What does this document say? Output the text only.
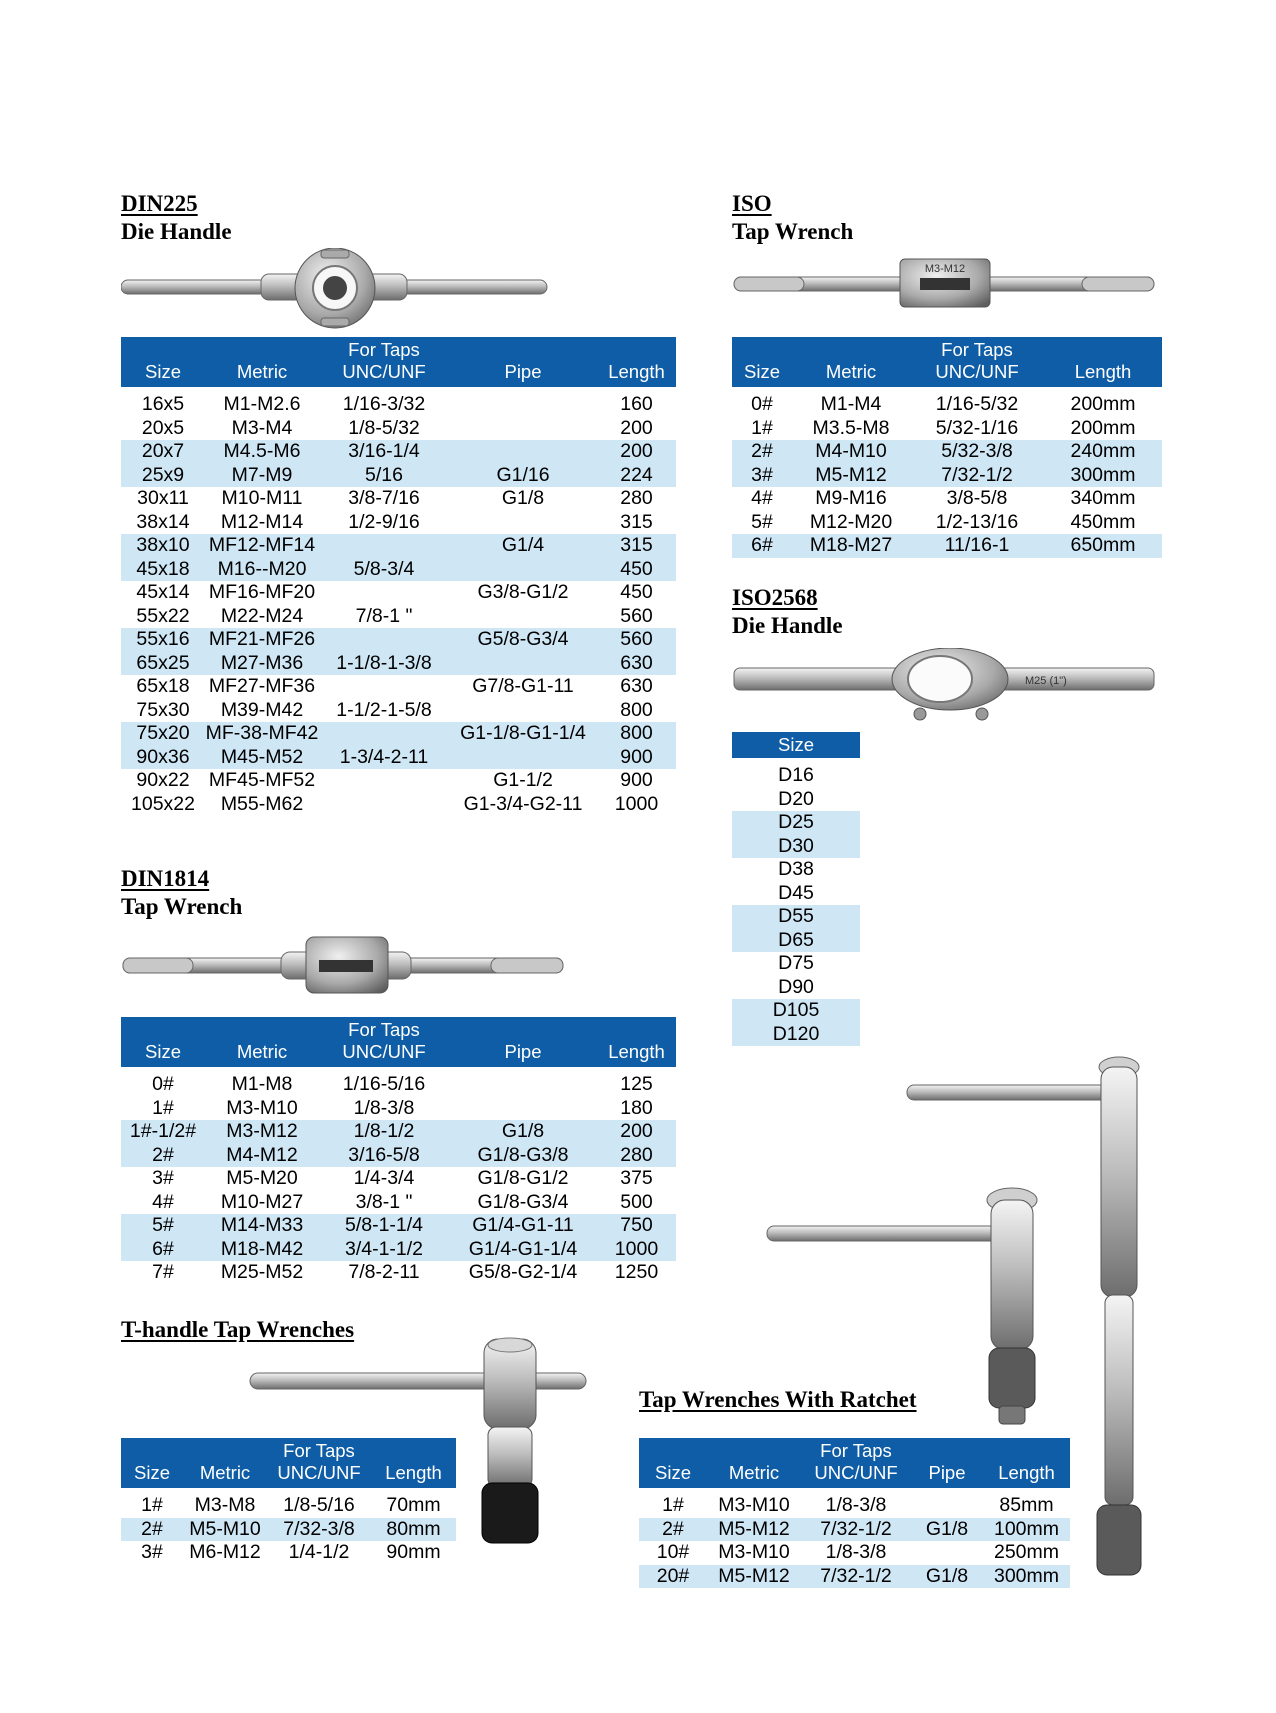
DIN225
Die Handle
		For Taps		
Size	Metric	UNC/UNF	Pipe	Length

16x5	M1-M2.6	1/16-3/32		160
20x5	M3-M4	1/8-5/32		200
20x7	M4.5-M6	3/16-1/4		200
25x9	M7-M9	5/16	G1/16	224
30x11	M10-M11	3/8-7/16	G1/8	280
38x14	M12-M14	1/2-9/16		315
38x10	MF12-MF14		G1/4	315
45x18	M16--M20	5/8-3/4		450
45x14	MF16-MF20		G3/8-G1/2	450
55x22	M22-M24	7/8-1 "		560
55x16	MF21-MF26		G5/8-G3/4	560
65x25	M27-M36	1-1/8-1-3/8		630
65x18	MF27-MF36		G7/8-G1-11	630
75x30	M39-M42	1-1/2-1-5/8		800
75x20	MF-38-MF42		G1-1/8-G1-1/4	800
90x36	M45-M52	1-3/4-2-11		900
90x22	MF45-MF52		G1-1/2	900
105x22	M55-M62		G1-3/4-G2-11	1000
ISO
Tap Wrench
M3-M12
		For Taps	
Size	Metric	UNC/UNF	Length

0#	M1-M4	1/16-5/32	200mm
1#	M3.5-M8	5/32-1/16	200mm
2#	M4-M10	5/32-3/8	240mm
3#	M5-M12	7/32-1/2	300mm
4#	M9-M16	3/8-5/8	340mm
5#	M12-M20	1/2-13/16	450mm
6#	M18-M27	11/16-1	650mm
ISO2568
Die Handle
M25 (1")
Size

D16
D20
D25
D30
D38
D45
D55
D65
D75
D90
D105
D120
DIN1814
Tap Wrench
		For Taps		
Size	Metric	UNC/UNF	Pipe	Length

0#	M1-M8	1/16-5/16		125
1#	M3-M10	1/8-3/8		180
1#-1/2#	M3-M12	1/8-1/2	G1/8	200
2#	M4-M12	3/16-5/8	G1/8-G3/8	280
3#	M5-M20	1/4-3/4	G1/8-G1/2	375
4#	M10-M27	3/8-1 "	G1/8-G3/4	500
5#	M14-M33	5/8-1-1/4	G1/4-G1-11	750
6#	M18-M42	3/4-1-1/2	G1/4-G1-1/4	1000
7#	M25-M52	7/8-2-11	G5/8-G2-1/4	1250
T-handle Tap Wrenches
		For Taps	
Size	Metric	UNC/UNF	Length

1#	M3-M8	1/8-5/16	70mm
2#	M5-M10	7/32-3/8	80mm
3#	M6-M12	1/4-1/2	90mm
Tap Wrenches With Ratchet
		For Taps		
Size	Metric	UNC/UNF	Pipe	Length

1#	M3-M10	1/8-3/8		85mm
2#	M5-M12	7/32-1/2	G1/8	100mm
10#	M3-M10	1/8-3/8		250mm
20#	M5-M12	7/32-1/2	G1/8	300mm
